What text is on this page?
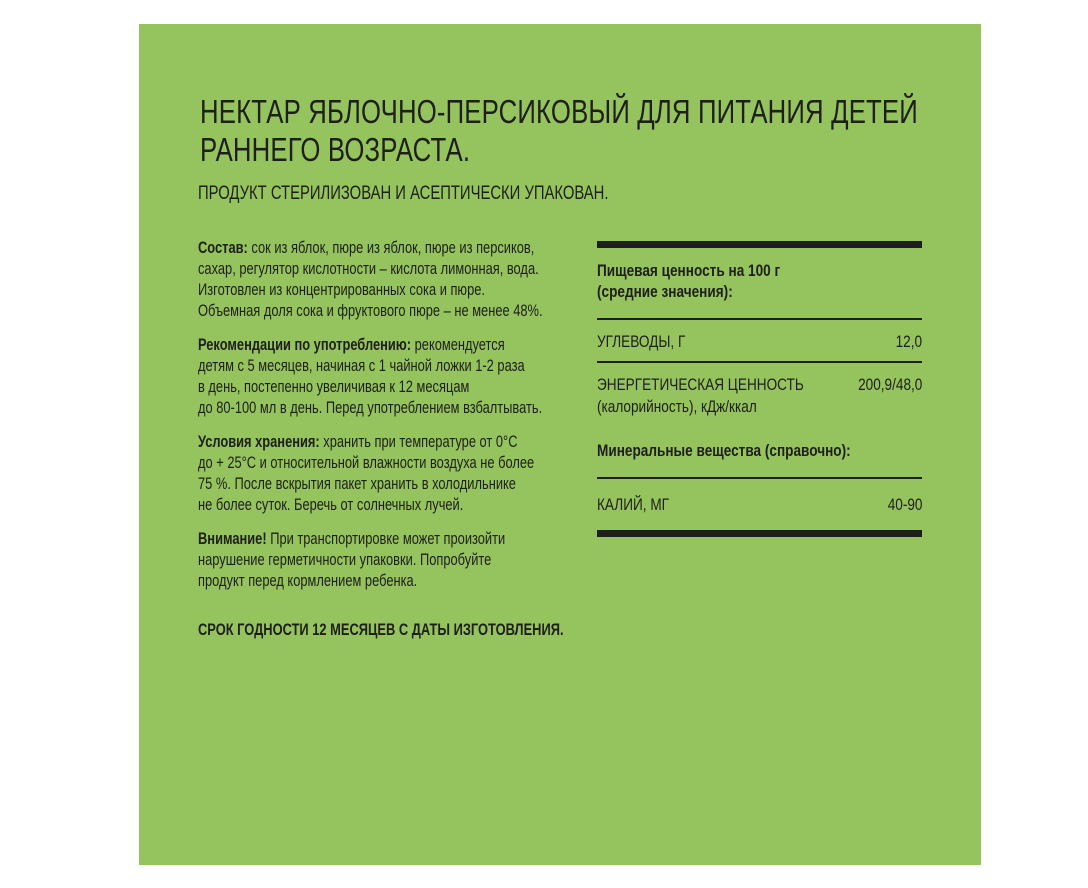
НЕКТАР ЯБЛОЧНО-ПЕРСИКОВЫЙ ДЛЯ ПИТАНИЯ ДЕТЕЙ
РАННЕГО ВОЗРАСТА.
ПРОДУКТ СТЕРИЛИЗОВАН И АСЕПТИЧЕСКИ УПАКОВАН.
Состав: сок из яблок, пюре из яблок, пюре из персиков,
сахар, регулятор кислотности – кислота лимонная, вода.
Изготовлен из концентрированных сока и пюре.
Объемная доля сока и фруктового пюре – не менее 48%.
Рекомендации по употреблению: рекомендуется
детям с 5 месяцев, начиная с 1 чайной ложки 1-2 раза
в день, постепенно увеличивая к 12 месяцам
до 80-100 мл в день. Перед употреблением взбалтывать.
Условия хранения: хранить при температуре от 0°С
до + 25°С и относительной влажности воздуха не более
75 %. После вскрытия пакет хранить в холодильнике
не более суток. Беречь от солнечных лучей.
Внимание! При транспортировке может произойти
нарушение герметичности упаковки. Попробуйте
продукт перед кормлением ребенка.
СРОК ГОДНОСТИ 12 МЕСЯЦЕВ С ДАТЫ ИЗГОТОВЛЕНИЯ.
Пищевая ценность на 100 г
(средние значения):
УГЛЕВОДЫ, Г	12,0
ЭНЕРГЕТИЧЕСКАЯ ЦЕННОСТЬ
(калорийность), кДж/ккал
200,9/48,0
Минеральные вещества (справочно):
КАЛИЙ, МГ	40-90
